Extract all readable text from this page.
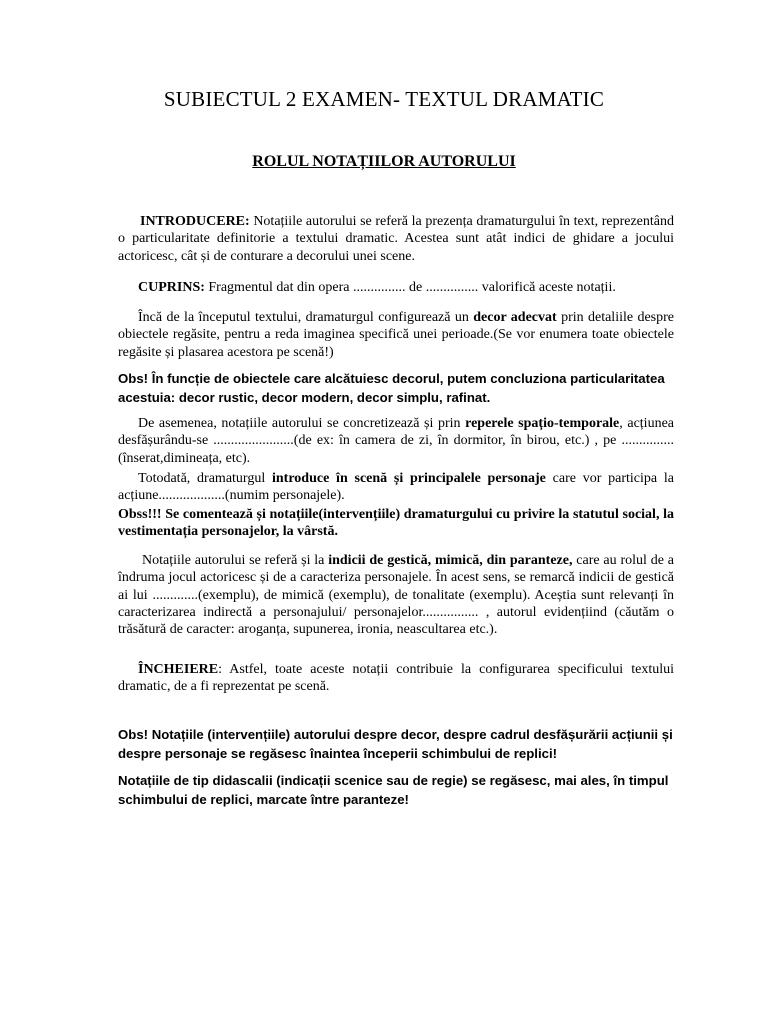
SUBIECTUL 2 EXAMEN- TEXTUL DRAMATIC
ROLUL NOTAȚIILOR AUTORULUI

INTRODUCERE: Notațiile autorului se referă la prezența dramaturgului în text, reprezentând o particularitate definitorie a textului dramatic. Acestea sunt atât indici de ghidare a jocului actoricesc, cât și de conturare a decorului unei scene.

CUPRINS: Fragmentul dat din opera ............... de ............... valorifică aceste notații.

Încă de la începutul textului, dramaturgul configurează un decor adecvat prin detaliile despre obiectele regăsite, pentru a reda imaginea specifică unei perioade.(Se vor enumera toate obiectele regăsite și plasarea acestora pe scenă!)

Obs! În funcție de obiectele care alcătuiesc decorul, putem concluziona particularitatea acestuia: decor rustic, decor modern, decor simplu, rafinat.

De asemenea, notațiile autorului se concretizează și prin reperele spațio-temporale, acțiunea desfășurându-se .......................(de ex: în camera de zi, în dormitor, în birou, etc.) , pe ...............(înserat,dimineața, etc).

Totodată, dramaturgul introduce în scenă și principalele personaje care vor participa la acțiune...................(numim personajele).

Obss!!! Se comentează și notațiile(intervențiile) dramaturgului cu privire la statutul social, la vestimentația personajelor, la vârstă.

Notațiile autorului se referă și la indicii de gestică, mimică, din paranteze, care au rolul de a îndruma jocul actoricesc și de a caracteriza personajele. În acest sens, se remarcă indicii de gestică ai lui .............(exemplu), de mimică (exemplu), de tonalitate (exemplu). Aceștia sunt relevanți în caracterizarea indirectă a personajului/ personajelor................ , autorul evidențiind (căutăm o trăsătură de caracter: aroganța, supunerea, ironia, neascultarea etc.).

ÎNCHEIERE: Astfel, toate aceste notații contribuie la configurarea specificului textului dramatic, de a fi reprezentat pe scenă.

Obs! Notațiile (intervențiile) autorului despre decor, despre cadrul desfășurării acțiunii și despre personaje se regăsesc înaintea începerii schimbului de replici!

Notațiile de tip didascalii (indicații scenice sau de regie) se regăsesc, mai ales, în timpul schimbului de replici, marcate între paranteze!
